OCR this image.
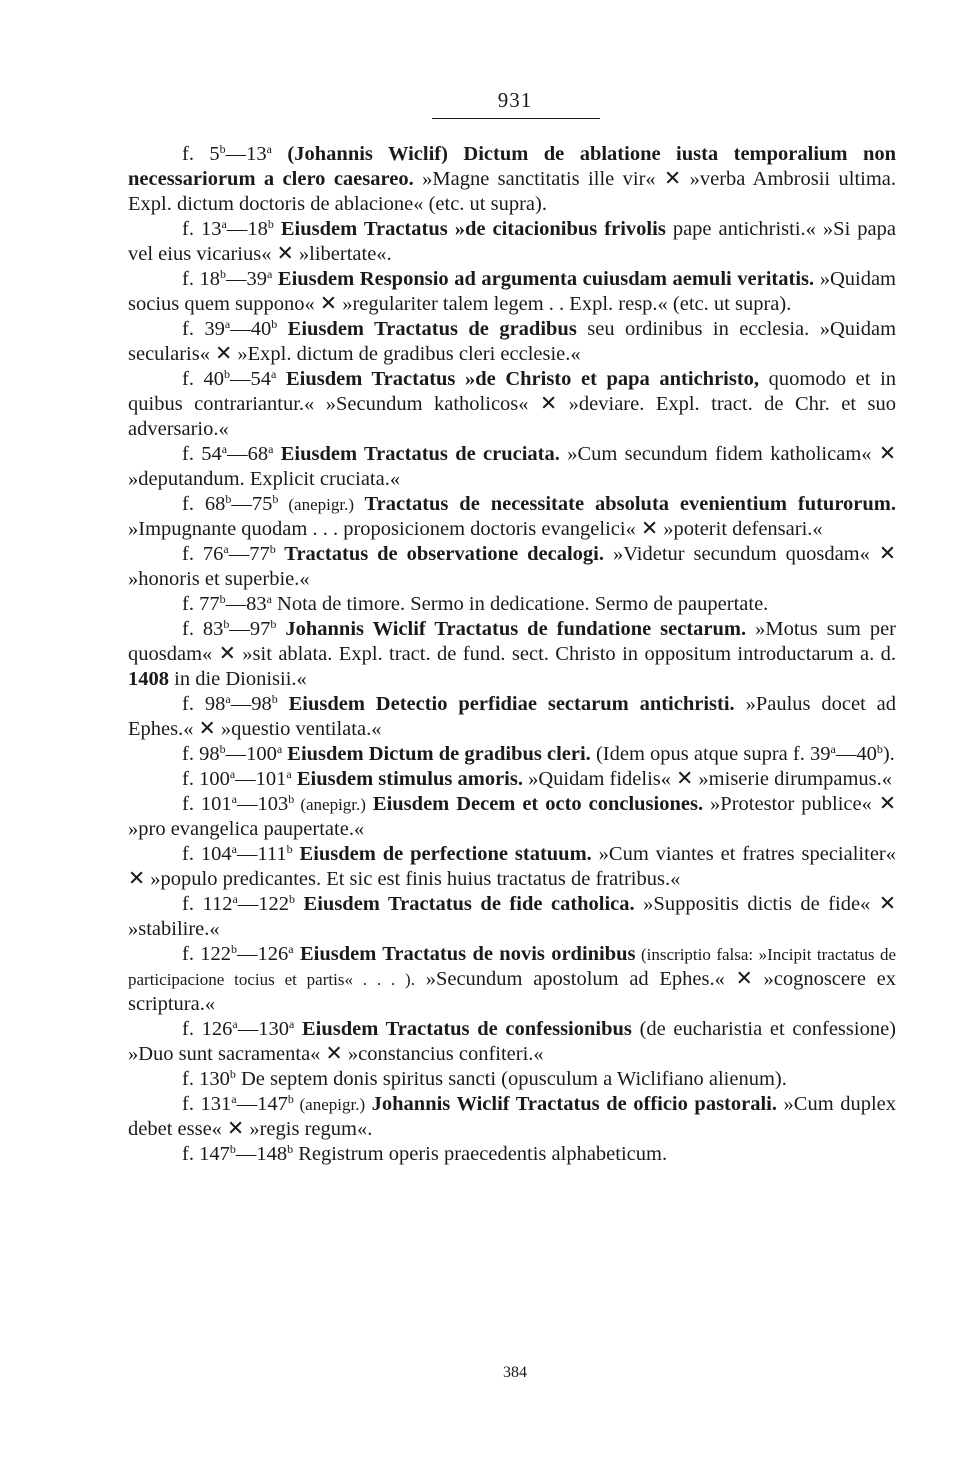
931

f. 5$^b$—13$^a$ (Johannis Wiclif) Dictum de ablatione iusta temporalium non necessariorum a clero caesareo. »Magne sanctitatis ille vir« ✕ »verba Ambrosii ultima. Expl. dictum doctoris de ablacione« (etc. ut supra).

f. 13$^a$—18$^b$ Eiusdem Tractatus »de citacionibus frivolis pape antichristi.« »Si papa vel eius vicarius« ✕ »libertate«.

f. 18$^b$—39$^a$ Eiusdem Responsio ad argumenta cuiusdam aemuli veritatis. »Quidam socius quem suppono« ✕ »regulariter talem legem . . Expl. resp.« (etc. ut supra).

f. 39$^a$—40$^b$ Eiusdem Tractatus de gradibus seu ordinibus in ecclesia. »Quidam secularis« ✕ »Expl. dictum de gradibus cleri ecclesie.«

f. 40$^b$—54$^a$ Eiusdem Tractatus »de Christo et papa antichristo, quomodo et in quibus contrariantur.« »Secundum katholicos« ✕ »deviare. Expl. tract. de Chr. et suo adversario.«

f. 54$^a$—68$^a$ Eiusdem Tractatus de cruciata. »Cum secundum fidem katholicam« ✕ »deputandum. Explicit cruciata.«

f. 68$^b$—75$^b$ (anepigr.) Tractatus de necessitate absoluta evenientium futurorum. »Impugnante quodam . . . proposicionem doctoris evangelici« ✕ »poterit defensari.«

f. 76$^a$—77$^b$ Tractatus de observatione decalogi. »Videtur secundum quosdam« ✕ »honoris et superbie.«

f. 77$^b$—83$^a$ Nota de timore. Sermo in dedicatione. Sermo de paupertate.

f. 83$^b$—97$^b$ Johannis Wiclif Tractatus de fundatione sectarum. »Motus sum per quosdam« ✕ »sit ablata. Expl. tract. de fund. sect. Christo in oppositum introductarum a. d. 1408 in die Dionisii.«

f. 98$^a$—98$^b$ Eiusdem Detectio perfidiae sectarum antichristi. »Paulus docet ad Ephes.« ✕ »questio ventilata.«

f. 98$^b$—100$^a$ Eiusdem Dictum de gradibus cleri. (Idem opus atque supra f. 39$^a$—40$^b$).

f. 100$^a$—101$^a$ Eiusdem stimulus amoris. »Quidam fidelis« ✕ »miserie dirumpamus.«

f. 101$^a$—103$^b$ (anepigr.) Eiusdem Decem et octo conclusiones. »Protestor publice« ✕ »pro evangelica paupertate.«

f. 104$^a$—111$^b$ Eiusdem de perfectione statuum. »Cum viantes et fratres specialiter« ✕ »populo predicantes. Et sic est finis huius tractatus de fratribus.«

f. 112$^a$—122$^b$ Eiusdem Tractatus de fide catholica. »Suppositis dictis de fide« ✕ »stabilire.«

f. 122$^b$—126$^a$ Eiusdem Tractatus de novis ordinibus (inscriptio falsa: »Incipit tractatus de participacione tocius et partis« . . . ). »Secundum apostolum ad Ephes.« ✕ »cognoscere ex scriptura.«

f. 126$^a$—130$^a$ Eiusdem Tractatus de confessionibus (de eucharistia et confessione) »Duo sunt sacramenta« ✕ »constancius confiteri.«

f. 130$^b$ De septem donis spiritus sancti (opusculum a Wiclifiano alienum).

f. 131$^a$—147$^b$ (anepigr.) Johannis Wiclif Tractatus de officio pastorali. »Cum duplex debet esse« ✕ »regis regum«.

f. 147$^b$—148$^b$ Registrum operis praecedentis alphabeticum.

384
